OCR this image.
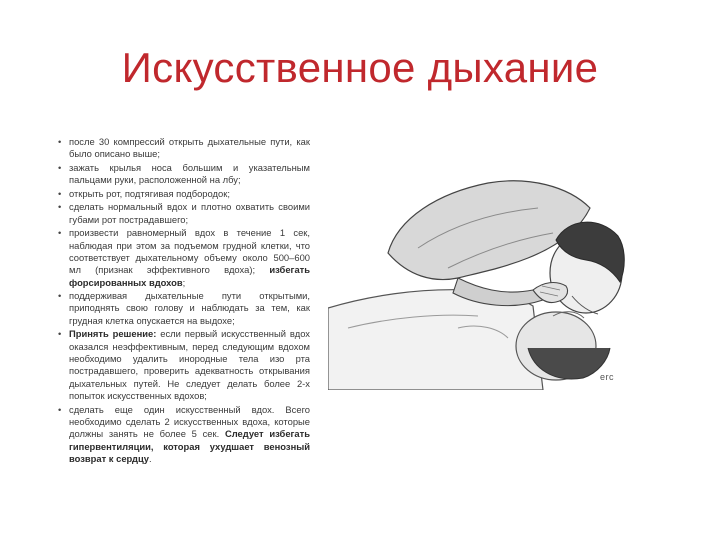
Искусственное дыхание
• после 30 компрессий открыть дыхательные пути, как было описано выше;
• зажать крылья носа большим и указательным пальцами руки, расположенной на лбу;
• открыть рот, подтягивая подбородок;
• сделать нормальный вдох и плотно охватить своими губами рот пострадавшего;
• произвести равномерный вдох в течение 1 сек, наблюдая при этом за подъемом грудной клетки, что соответствует дыхательному объему около 500–600 мл (признак эффективного вдоха); избегать форсированных вдохов;
• поддерживая дыхательные пути открытыми, приподнять свою голову и наблюдать за тем, как грудная клетка опускается на выдохе;
• Принять решение: если первый искусственный вдох оказался неэффективным, перед следующим вдохом необходимо удалить инородные тела изо рта пострадавшего, проверить адекватность открывания дыхательных путей. Не следует делать более 2-х попыток искусственных вдохов;
• сделать еще один искусственный вдох. Всего необходимо сделать 2 искусственных вдоха, которые должны занять не более 5 сек. Следует избегать гипервентиляции, которая ухудшает венозный возврат к сердцу.
erc
